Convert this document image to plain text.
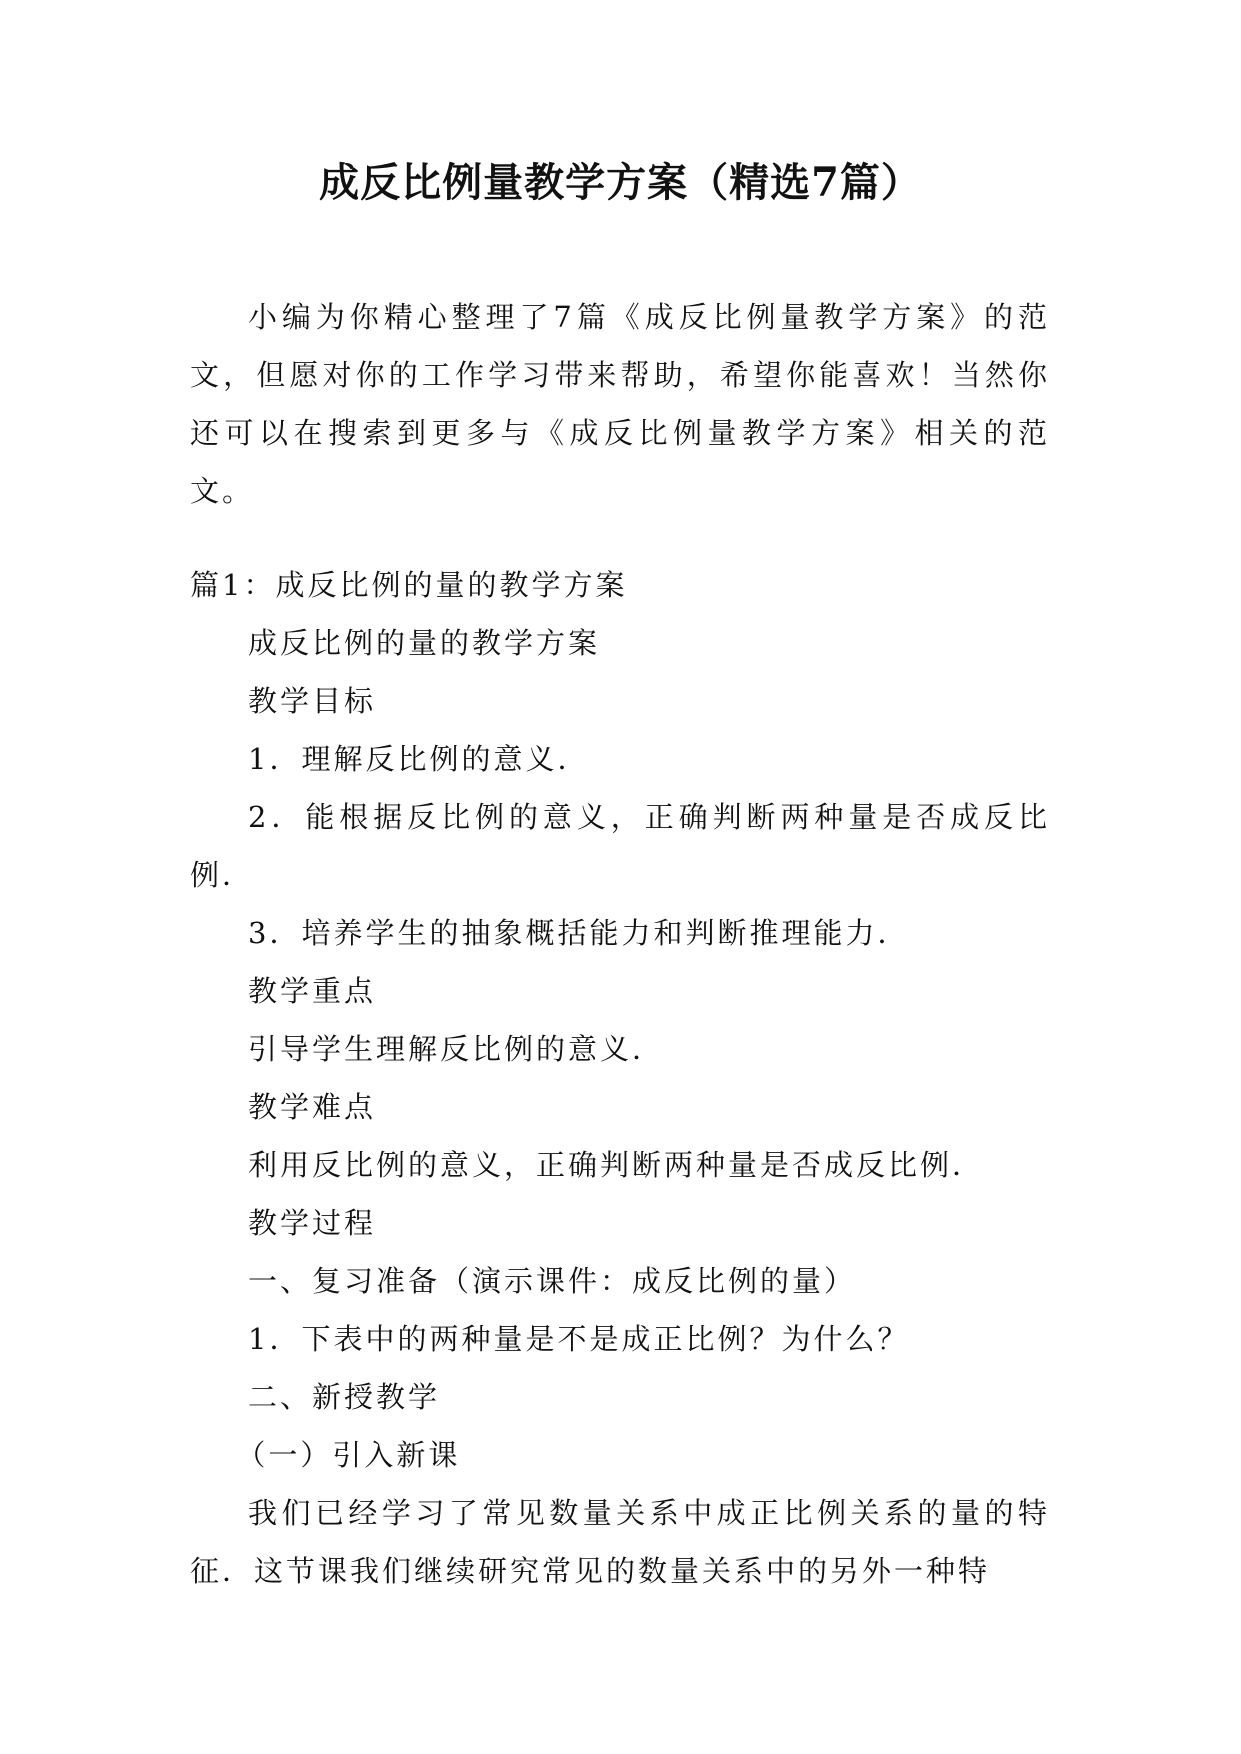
成反比例量教学方案（精选7篇）

小编为你精心整理了7篇《成反比例量教学方案》的范文，但愿对你的工作学习带来帮助，希望你能喜欢！当然你还可以在搜索到更多与《成反比例量教学方案》相关的范文。

篇1：成反比例的量的教学方案

成反比例的量的教学方案

教学目标

1．理解反比例的意义．

2．能根据反比例的意义，正确判断两种量是否成反比例．

3．培养学生的抽象概括能力和判断推理能力．

教学重点

引导学生理解反比例的意义．

教学难点

利用反比例的意义，正确判断两种量是否成反比例．

教学过程

一、复习准备（演示课件：成反比例的量）

1．下表中的两种量是不是成正比例？为什么？

二、新授教学

（一）引入新课

我们已经学习了常见数量关系中成正比例关系的量的特征．这节课我们继续研究常见的数量关系中的另外一种特
